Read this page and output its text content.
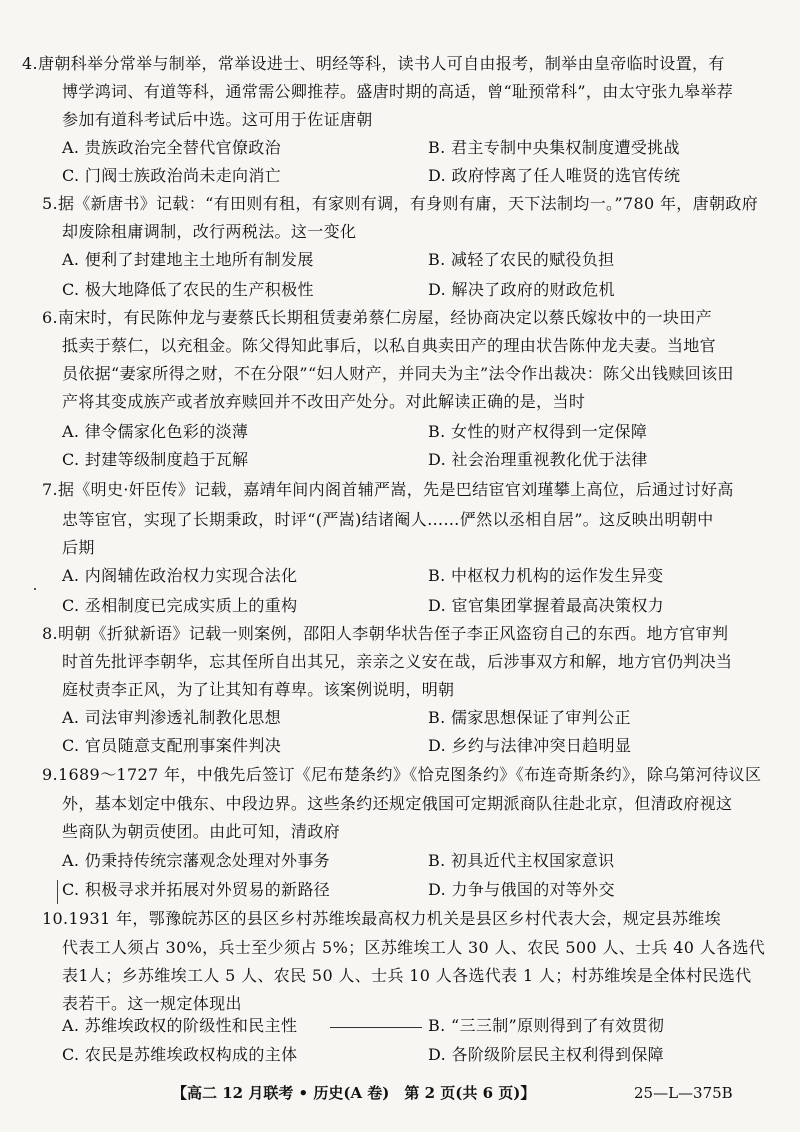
4.唐朝科举分常举与制举，常举设进士、明经等科，读书人可自由报考，制举由皇帝临时设置，有
博学鸿词、有道等科，通常需公卿推荐。盛唐时期的高适，曾“耻预常科”，由太守张九皋举荐
参加有道科考试后中选。这可用于佐证唐朝
A. 贵族政治完全替代官僚政治	B. 君主专制中央集权制度遭受挑战
C. 门阀士族政治尚未走向消亡	D. 政府悖离了任人唯贤的选官传统
5.据《新唐书》记载：“有田则有租，有家则有调，有身则有庸，天下法制均一。”780 年，唐朝政府
却废除租庸调制，改行两税法。这一变化
A. 便利了封建地主土地所有制发展	B. 减轻了农民的赋役负担
C. 极大地降低了农民的生产积极性	D. 解决了政府的财政危机
6.南宋时，有民陈仲龙与妻蔡氏长期租赁妻弟蔡仁房屋，经协商决定以蔡氏嫁妆中的一块田产
抵卖于蔡仁，以充租金。陈父得知此事后，以私自典卖田产的理由状告陈仲龙夫妻。当地官
员依据“妻家所得之财，不在分限”“妇人财产，并同夫为主”法令作出裁决：陈父出钱赎回该田
产将其变成族产或者放弃赎回并不改田产处分。对此解读正确的是，当时
A. 律令儒家化色彩的淡薄	B. 女性的财产权得到一定保障
C. 封建等级制度趋于瓦解	D. 社会治理重视教化优于法律
7.据《明史·奸臣传》记载，嘉靖年间内阁首辅严嵩，先是巴结宦官刘瑾攀上高位，后通过讨好高
忠等宦官，实现了长期秉政，时评“(严嵩)结诸阉人……俨然以丞相自居”。这反映出明朝中
后期
A. 内阁辅佐政治权力实现合法化	B. 中枢权力机构的运作发生异变
C. 丞相制度已完成实质上的重构	D. 宦官集团掌握着最高决策权力
8.明朝《折狱新语》记载一则案例，邵阳人李朝华状告侄子李正风盗窃自己的东西。地方官审判
时首先批评李朝华，忘其侄所自出其兄，亲亲之义安在哉，后涉事双方和解，地方官仍判决当
庭杖责李正风，为了让其知有尊卑。该案例说明，明朝
A. 司法审判渗透礼制教化思想	B. 儒家思想保证了审判公正
C. 官员随意支配刑事案件判决	D. 乡约与法律冲突日趋明显
9.1689～1727 年，中俄先后签订《尼布楚条约》《恰克图条约》《布连奇斯条约》，除乌第河待议区
外，基本划定中俄东、中段边界。这些条约还规定俄国可定期派商队往赴北京，但清政府视这
些商队为朝贡使团。由此可知，清政府
A. 仍秉持传统宗藩观念处理对外事务	B. 初具近代主权国家意识
C. 积极寻求并拓展对外贸易的新路径	D. 力争与俄国的对等外交
10.1931 年，鄂豫皖苏区的县区乡村苏维埃最高权力机关是县区乡村代表大会，规定县苏维埃
代表工人须占 30%，兵士至少须占 5%；区苏维埃工人 30 人、农民 500 人、士兵 40 人各选代
表1人；乡苏维埃工人 5 人、农民 50 人、士兵 10 人各选代表 1 人；村苏维埃是全体村民选代
表若干。这一规定体现出
A. 苏维埃政权的阶级性和民主性	B. “三三制”原则得到了有效贯彻
C. 农民是苏维埃政权构成的主体	D. 各阶级阶层民主权利得到保障
【高二 12 月联考 • 历史(A 卷)　第 2 页(共 6 页)】	25—L—375B
